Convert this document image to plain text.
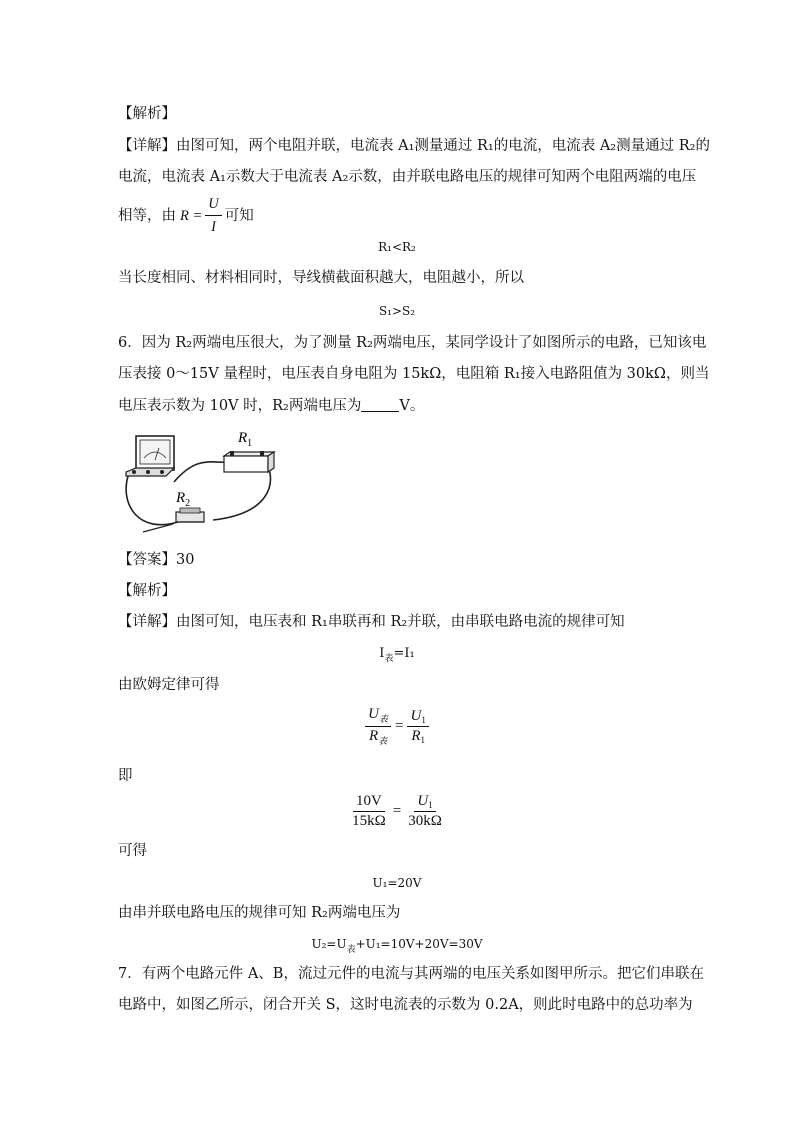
【解析】
【详解】由图可知，两个电阻并联，电流表 A₁测量通过 R₁的电流，电流表 A₂测量通过 R₂的
电流，电流表 A₁示数大于电流表 A₂示数，由并联电路电压的规律可知两个电阻两端的电压
相等，由 $R = \frac{U}{I}$ 可知
R₁<R₂
当长度相同、材料相同时，导线横截面积越大，电阻越小，所以
S₁>S₂
6．因为 R₂两端电压很大，为了测量 R₂两端电压，某同学设计了如图所示的电路，已知该电
压表接 0～15V 量程时，电压表自身电阻为 15kΩ，电阻箱 R₁接入电路阻值为 30kΩ，则当
电压表示数为 10V 时，R₂两端电压为	V。
$R_1$
$R_2$
【答案】30
【解析】
【详解】由图可知，电压表和 R₁串联再和 R₂并联，由串联电路电流的规律可知
$I_表=I_1$
由欧姆定律可得
$\frac{U_表}{R_表} = \frac{U_1}{R_1}$
即
$\frac{10V}{15k\Omega} = \frac{U_1}{30k\Omega}$
可得
U₁=20V
由串并联电路电压的规律可知 R₂两端电压为
$U_2=U_表+U_1=10V+20V=30V$
7．有两个电路元件 A、B，流过元件的电流与其两端的电压关系如图甲所示。把它们串联在
电路中，如图乙所示，闭合开关 S，这时电流表的示数为 0.2A，则此时电路中的总功率为
